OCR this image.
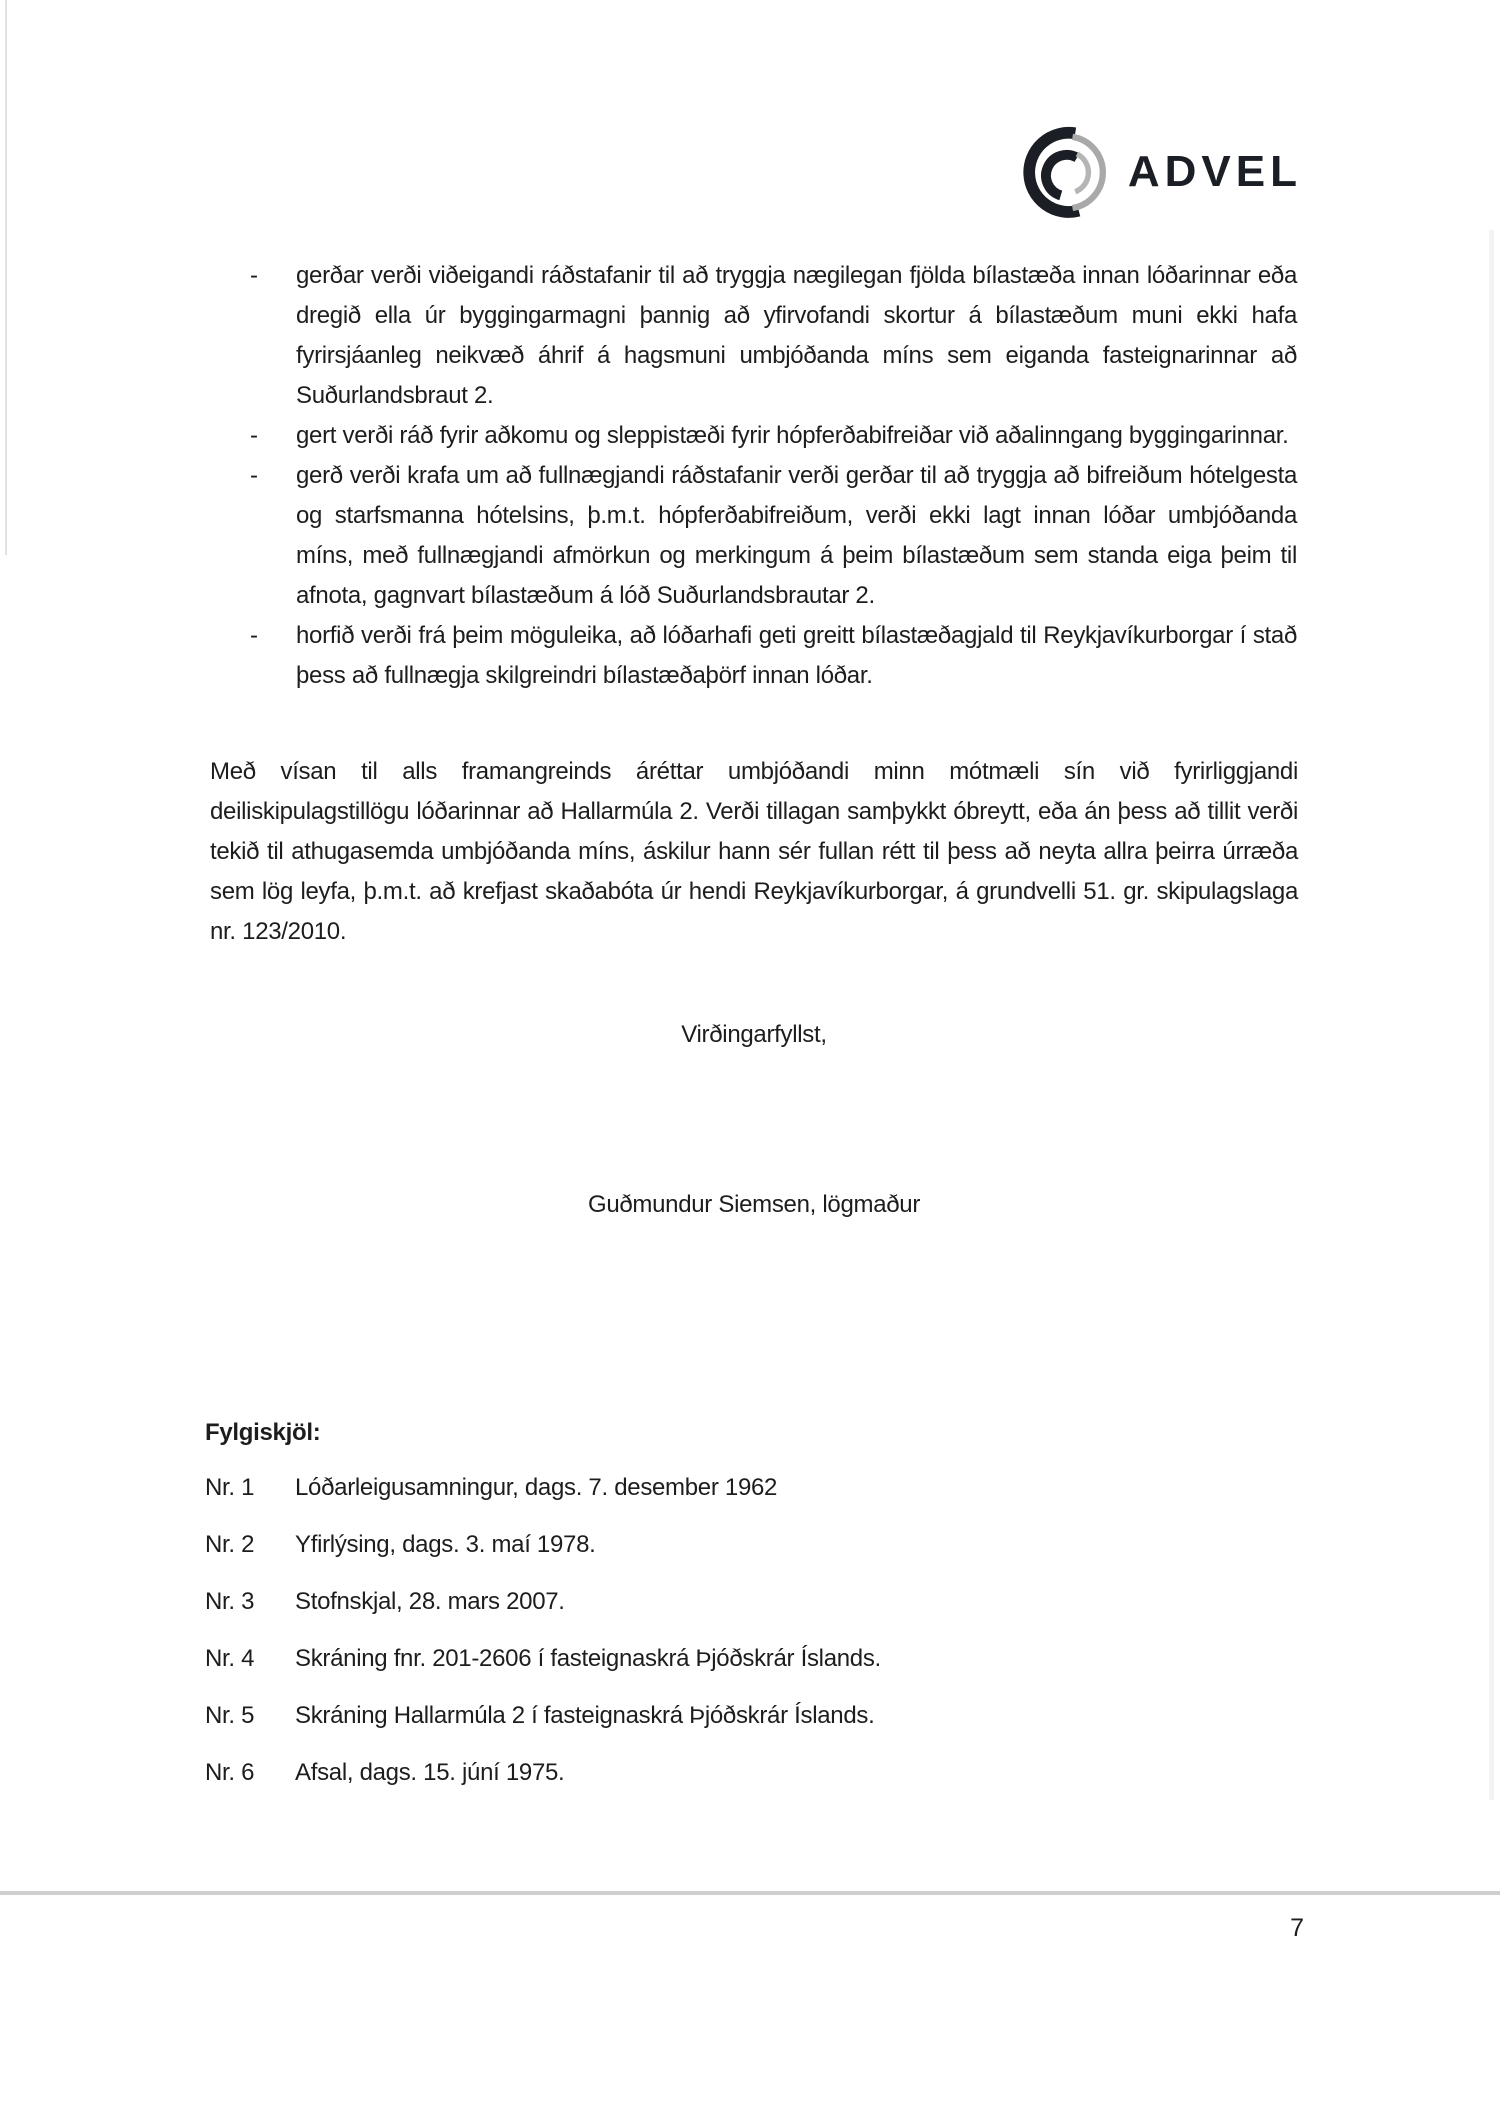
ADVEL
-	gerðar verði viðeigandi ráðstafanir til að tryggja nægilegan fjölda bílastæða innan lóðarinnar eða dregið ella úr byggingarmagni þannig að yfirvofandi skortur á bílastæðum muni ekki hafa fyrirsjáanleg neikvæð áhrif á hagsmuni umbjóðanda míns sem eiganda fasteignarinnar að Suðurlandsbraut 2.
-	gert verði ráð fyrir aðkomu og sleppistæði fyrir hópferðabifreiðar við aðalinngang byggingarinnar.
-	gerð verði krafa um að fullnægjandi ráðstafanir verði gerðar til að tryggja að bifreiðum hótelgesta og starfsmanna hótelsins, þ.m.t. hópferðabifreiðum, verði ekki lagt innan lóðar umbjóðanda míns, með fullnægjandi afmörkun og merkingum á þeim bílastæðum sem standa eiga þeim til afnota, gagnvart bílastæðum á lóð Suðurlandsbrautar 2.
-	horfið verði frá þeim möguleika, að lóðarhafi geti greitt bílastæðagjald til Reykjavíkurborgar í stað þess að fullnægja skilgreindri bílastæðaþörf innan lóðar.
Með vísan til alls framangreinds áréttar umbjóðandi minn mótmæli sín við fyrirliggjandi deiliskipulagstillögu lóðarinnar að Hallarmúla 2. Verði tillagan samþykkt óbreytt, eða án þess að tillit verði tekið til athugasemda umbjóðanda míns, áskilur hann sér fullan rétt til þess að neyta allra þeirra úrræða sem lög leyfa, þ.m.t. að krefjast skaðabóta úr hendi Reykjavíkurborgar, á grundvelli 51. gr. skipulagslaga nr. 123/2010.
Virðingarfyllst,
Guðmundur Siemsen, lögmaður
Fylgiskjöl:
Nr. 1	Lóðarleigusamningur, dags. 7. desember 1962
Nr. 2	Yfirlýsing, dags. 3. maí 1978.
Nr. 3	Stofnskjal, 28. mars 2007.
Nr. 4	Skráning fnr. 201-2606 í fasteignaskrá Þjóðskrár Íslands.
Nr. 5	Skráning Hallarmúla 2 í fasteignaskrá Þjóðskrár Íslands.
Nr. 6	Afsal, dags. 15. júní 1975.
7
